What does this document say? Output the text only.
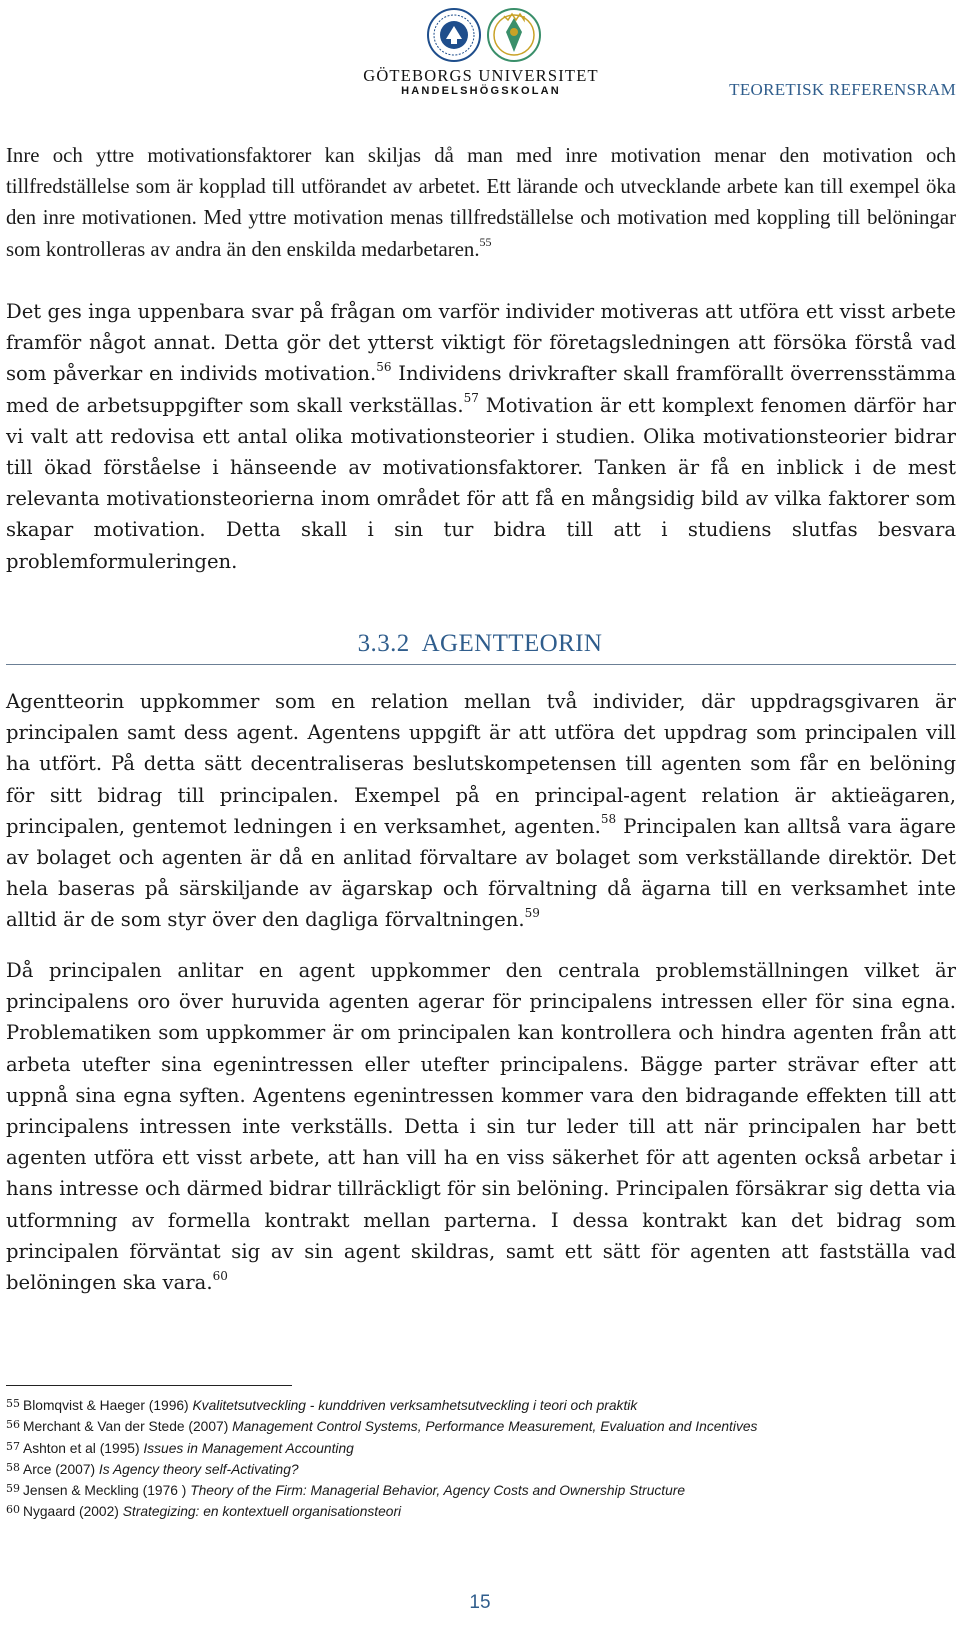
GÖTEBORGS UNIVERSITET
HANDELSHÖGSKOLAN	TEORETISK REFERENSRAM

Inre och yttre motivationsfaktorer kan skiljas då man med inre motivation menar den motivation och tillfredställelse som är kopplad till utförandet av arbetet. Ett lärande och utvecklande arbete kan till exempel öka den inre motivationen. Med yttre motivation menas tillfredställelse och motivation med koppling till belöningar som kontrolleras av andra än den enskilda medarbetaren.$^{55}$

Det ges inga uppenbara svar på frågan om varför individer motiveras att utföra ett visst arbete framför något annat. Detta gör det ytterst viktigt för företagsledningen att försöka förstå vad som påverkar en individs motivation.$^{56}$ Individens drivkrafter skall framförallt överrensstämma med de arbetsuppgifter som skall verkställas.$^{57}$ Motivation är ett komplext fenomen därför har vi valt att redovisa ett antal olika motivationsteorier i studien. Olika motivationsteorier bidrar till ökad förståelse i hänseende av motivationsfaktorer. Tanken är få en inblick i de mest relevanta motivationsteorierna inom området för att få en mångsidig bild av vilka faktorer som skapar motivation. Detta skall i sin tur bidra till att i studiens slutfas besvara problemformuleringen.

3.3.2  AGENTTEORIN

Agentteorin uppkommer som en relation mellan två individer, där uppdragsgivaren är principalen samt dess agent. Agentens uppgift är att utföra det uppdrag som principalen vill ha utfört. På detta sätt decentraliseras beslutskompetensen till agenten som får en belöning för sitt bidrag till principalen. Exempel på en principal-agent relation är aktieägaren, principalen, gentemot ledningen i en verksamhet, agenten.$^{58}$ Principalen kan alltså vara ägare av bolaget och agenten är då en anlitad förvaltare av bolaget som verkställande direktör. Det hela baseras på särskiljande av ägarskap och förvaltning då ägarna till en verksamhet inte alltid är de som styr över den dagliga förvaltningen.$^{59}$

Då principalen anlitar en agent uppkommer den centrala problemställningen vilket är principalens oro över huruvida agenten agerar för principalens intressen eller för sina egna. Problematiken som uppkommer är om principalen kan kontrollera och hindra agenten från att arbeta utefter sina egenintressen eller utefter principalens. Bägge parter strävar efter att uppnå sina egna syften. Agentens egenintressen kommer vara den bidragande effekten till att principalens intressen inte verkställs. Detta i sin tur leder till att när principalen har bett agenten utföra ett visst arbete, att han vill ha en viss säkerhet för att agenten också arbetar i hans intresse och därmed bidrar tillräckligt för sin belöning. Principalen försäkrar sig detta via utformning av formella kontrakt mellan parterna. I dessa kontrakt kan det bidrag som principalen förväntat sig av sin agent skildras, samt ett sätt för agenten att fastställa vad belöningen ska vara.$^{60}$

$^{55}$ Blomqvist & Haeger (1996) Kvalitetsutveckling - kunddriven verksamhetsutveckling i teori och praktik
$^{56}$ Merchant & Van der Stede (2007) Management Control Systems, Performance Measurement, Evaluation and Incentives
$^{57}$ Ashton et al (1995) Issues in Management Accounting
$^{58}$ Arce (2007) Is Agency theory self-Activating?
$^{59}$ Jensen & Meckling (1976 ) Theory of the Firm: Managerial Behavior, Agency Costs and Ownership Structure
$^{60}$ Nygaard (2002) Strategizing: en kontextuell organisationsteori
15
